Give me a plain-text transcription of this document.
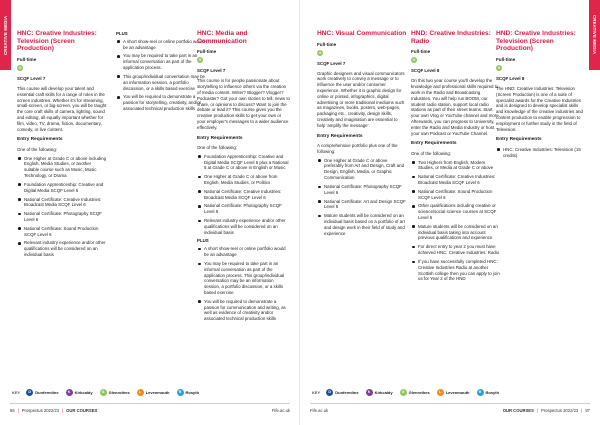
CREATIVE MEDIA	CREATIVE MEDIA
HNC: Creative Industries: Television (Screen Production)
Full-time
G
SCQF Level 7

This course will develop your talent and essential craft skills for a range of roles in the screen industries. Whether it's for streaming, small-screen, or big-screen, you will be taught the core craft skills of camera, lighting, sound and editing, all equally important whether for film, video, TV, drama, fiction, documentary, comedy, or live content.

Entry Requirements
One of the following:
One Higher at Grade C or above including English, Media Studies, or another suitable course such as Music, Music Technology, or Drama
Foundation Apprenticeship: Creative and Digital Media SCQF Level 6
National Certificate: Creative Industries: Broadcast Media SCQF Level 6
National Certificate: Photography SCQF Level 6
National Certificate: Sound Production SCQF Level 6
Relevant industry experience and/or other qualifications will be considered on an individual basis
PLUS
A short show-reel or online portfolio would be an advantage
You may be required to take part in an informal conversation as part of the application process.
This group/individual conversation may be an information session, a portfolio discussion, or a skills based exercise
You will be required to demonstrate a passion for storytelling, creativity, and/or associated technical production skills
HNC: Media and Communication
Full-time
G
SCQF Level 7

This course is for people passionate about storytelling to influence others via the creation of media content. Writer? Blogger? Vlogger? Podcaster? Got your own stories to tell, news to share, or opinions to discuss? Want to join the debate or lead it? This course gives you the creative production skills to get your own or your employer's messages to a wider audience effectively.

Entry Requirements
One of the following:
Foundation Apprenticeship: Creative and Digital Media SCQF Level 6 plus a National 5 at Grade C or above in English or Music
One Higher at Grade C or above from English, Media Studies, or Politics
National Certificate: Creative Industries: Broadcast Media SCQF Level 6
National Certificate: Photography SCQF Level 6
Relevant industry experience and/or other qualifications will be considered on an individual basis
PLUS
A short show-reel or online portfolio would be an advantage
You may be required to take part in an informal conversation as part of the application process. This group/individual conversation may be an information session, a portfolio discussion, or a skills based exercise
You will be required to demonstrate a passion for communication and writing, as well as evidence of creativity and/or associated technical production skills
HNC: Visual Communication
Full-time
G
SCQF Level 7

Graphic designers and visual communicators work creatively to convey a message or to influence the user and/or consumer experience. Whether it is graphic design for online or printed, infographics, digital advertising or more traditional mediums such as magazines, books, posters, web-pages, packaging etc., creativity, design skills, creativity and imagination are essential to help 'amplify the message'.

Entry Requirements
A comprehensive portfolio plus one of the following:
One Higher at Grade C or above preferably from Art and Design, Craft and Design, English, Media, or Graphic Communication
National Certificate: Photography SCQF Level 6
National Certificate: Art and Design SCQF Level 6
Mature students will be considered on an individual basis based on a portfolio of art and design work in their field of study and experience
HND: Creative Industries: Radio
Full-time
G
SCQF Level 8

On this two year course you'll develop the knowledge and professional skills required to work in the Radio and Broadcasting Industries. You will help run BOOM, our student radio station, support local radio stations as part of their street teams. Start your own Vlog or YouTube channel and more. Afterwards, you can progress to University, enter the Radio and Media Industry or host your own Podcast or YouTube Channel.

Entry Requirements
One of the following:
Two Highers from English, Modern Studies, or Media at Grade C or above
National Certificate: Creative Industries: Broadcast Media SCQF Level 6
National Certificate: Sound Production SCQF Level 6
Other qualifications including creative or science/social science courses at SCQF Level 6
Mature students will be considered on an individual basis taking into account previous qualifications and experience
For direct entry to year 2 you must have achieved HNC: Creative Industries: Radio
If you have successfully completed HNC: Creative Industries Radio at another Scottish college then you can apply to join us for Year 2 of the HND
HND: Creative Industries: Television (Screen Production)
Full-time
G
SCQF Level 8

The HND: Creative Industries: Television (Screen Production) is one of a suite of specialist awards for the Creative Industries and is designed to develop specialist skills and knowledge of the creative industries and content production to enable progression to employment or further study in the field of Television.

Entry Requirements
HNC: Creative Industries: Television (15 credits)
KEY	D	Dunfermline	K	Kirkcaldy	G	Glenrothes	L	Levenmouth	R	Rosyth	KEY	D	Dunfermline	K	Kirkcaldy	G	Glenrothes	L	Levenmouth	R	Rosyth
86 | Prospectus 2022/23 | OUR COURSES	Fife.ac.uk	Fife.ac.uk	OUR COURSES | Prospectus 2022/23 | 87
